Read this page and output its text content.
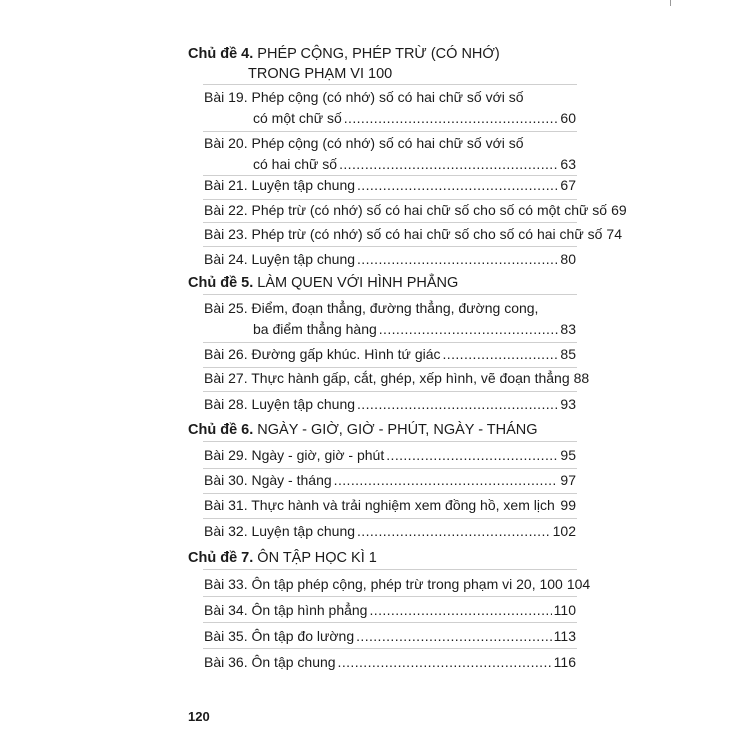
Chủ đề 4. PHÉP CỘNG, PHÉP TRỪ (CÓ NHỚ)
TRONG PHẠM VI 100
Bài 19. Phép cộng (có nhớ) số có hai chữ số với số
có một chữ số .....	60
Bài 20. Phép cộng (có nhớ) số có hai chữ số với số
có hai chữ số .....	63
Bài 21. Luyện tập chung .....	67
Bài 22. Phép trừ (có nhớ) số có hai chữ số cho số có một chữ số 69
Bài 23. Phép trừ (có nhớ) số có hai chữ số cho số có hai chữ số 74
Bài 24. Luyện tập chung .....	80
Chủ đề 5. LÀM QUEN VỚI HÌNH PHẲNG
Bài 25. Điểm, đoạn thẳng, đường thẳng, đường cong,
ba điểm thẳng hàng .....	83
Bài 26. Đường gấp khúc. Hình tứ giác .....	85
Bài 27. Thực hành gấp, cắt, ghép, xếp hình, vẽ đoạn thẳng 88
Bài 28. Luyện tập chung .....	93
Chủ đề 6. NGÀY - GIỜ, GIỜ - PHÚT, NGÀY - THÁNG
Bài 29. Ngày - giờ, giờ - phút .....	95
Bài 30. Ngày - tháng .....	97
Bài 31. Thực hành và trải nghiệm xem đồng hồ, xem lịch ..... 99
Bài 32. Luyện tập chung .....	102
Chủ đề 7. ÔN TẬP HỌC KÌ 1
Bài 33. Ôn tập phép cộng, phép trừ trong phạm vi 20, 100 104
Bài 34. Ôn tập hình phẳng .....	110
Bài 35. Ôn tập đo lường .....	113
Bài 36. Ôn tập chung .....	116
120
